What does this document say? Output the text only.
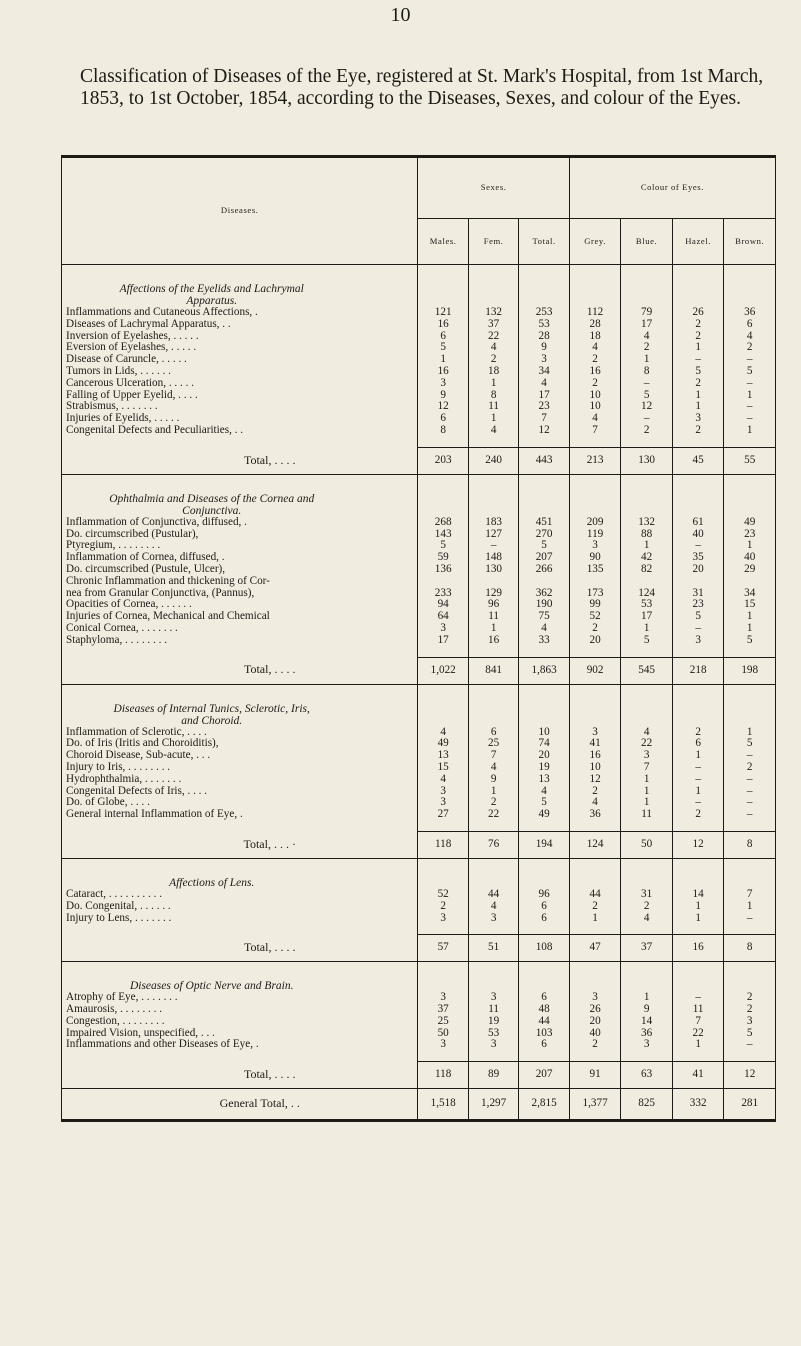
10
Classification of Diseases of the Eye, registered at St. Mark's Hospital, from 1st March, 1853, to 1st October, 1854, according to the Diseases, Sexes, and colour of the Eyes.
Diseases.	Sexes.			Colour of Eyes.			
	Males.	Fem.	Total.	Grey.	Blue.	Hazel.	Brown.

Affections of the Eyelids and Lachrymal
Apparatus.							

Inflammations and Cutaneous Affections, .	121	132	253	112	79	26	36
Diseases of Lachrymal Apparatus, . .	16	37	53	28	17	2	6
Inversion of Eyelashes, . . . . .	6	22	28	18	4	2	4
Eversion of Eyelashes, . . . . .	5	4	9	4	2	1	2
Disease of Caruncle, . . . . .	1	2	3	2	1	–	–
Tumors in Lids, . . . . . .	16	18	34	16	8	5	5
Cancerous Ulceration, . . . . .	3	1	4	2	–	2	–
Falling of Upper Eyelid, . . . .	9	8	17	10	5	1	1
Strabismus, . . . . . . .	12	11	23	10	12	1	–
Injuries of Eyelids, . . . . .	6	1	7	4	–	3	–
Congenital Defects and Peculiarities, . .	8	4	12	7	2	2	1

Total, . . . .	203	240	443	213	130	45	55

Ophthalmia and Diseases of the Cornea and
Conjunctiva.							

Inflammation of Conjunctiva, diffused, .	268	183	451	209	132	61	49
Do. circumscribed (Pustular),	143	127	270	119	88	40	23
Ptyregium, . . . . . . . .	5	–	5	3	1	–	1
Inflammation of Cornea, diffused, .	59	148	207	90	42	35	40
Do. circumscribed (Pustule, Ulcer),	136	130	266	135	82	20	29
Chronic Inflammation and thickening of Cor-							
nea from Granular Conjunctiva, (Pannus),	233	129	362	173	124	31	34
Opacities of Cornea, . . . . . .	94	96	190	99	53	23	15
Injuries of Cornea, Mechanical and Chemical	64	11	75	52	17	5	1
Conical Cornea, . . . . . . .	3	1	4	2	1	–	1
Staphyloma, . . . . . . . .	17	16	33	20	5	3	5

Total, . . . .	1,022	841	1,863	902	545	218	198

Diseases of Internal Tunics, Sclerotic, Iris,
and Choroid.							

Inflammation of Sclerotic, . . . .	4	6	10	3	4	2	1
Do. of Iris (Iritis and Choroiditis),	49	25	74	41	22	6	5
Choroid Disease, Sub-acute, . . .	13	7	20	16	3	1	–
Injury to Iris, . . . . . . . .	15	4	19	10	7	–	2
Hydrophthalmia, . . . . . . .	4	9	13	12	1	–	–
Congenital Defects of Iris, . . . .	3	1	4	2	1	1	–
Do. of Globe, . . . .	3	2	5	4	1	–	–
General internal Inflammation of Eye, .	27	22	49	36	11	2	–

Total, . . . ·	118	76	194	124	50	12	8

Affections of Lens.							

Cataract, . . . . . . . . . .	52	44	96	44	31	14	7
Do. Congenital, . . . . . .	2	4	6	2	2	1	1
Injury to Lens, . . . . . . .	3	3	6	1	4	1	–

Total, . . . .	57	51	108	47	37	16	8

Diseases of Optic Nerve and Brain.							

Atrophy of Eye, . . . . . . .	3	3	6	3	1	–	2
Amaurosis, . . . . . . . .	37	11	48	26	9	11	2
Congestion, . . . . . . . .	25	19	44	20	14	7	3
Impaired Vision, unspecified, . . .	50	53	103	40	36	22	5
Inflammations and other Diseases of Eye, .	3	3	6	2	3	1	–

Total, . . . .	118	89	207	91	63	41	12
General Total, . .	1,518	1,297	2,815	1,377	825	332	281
